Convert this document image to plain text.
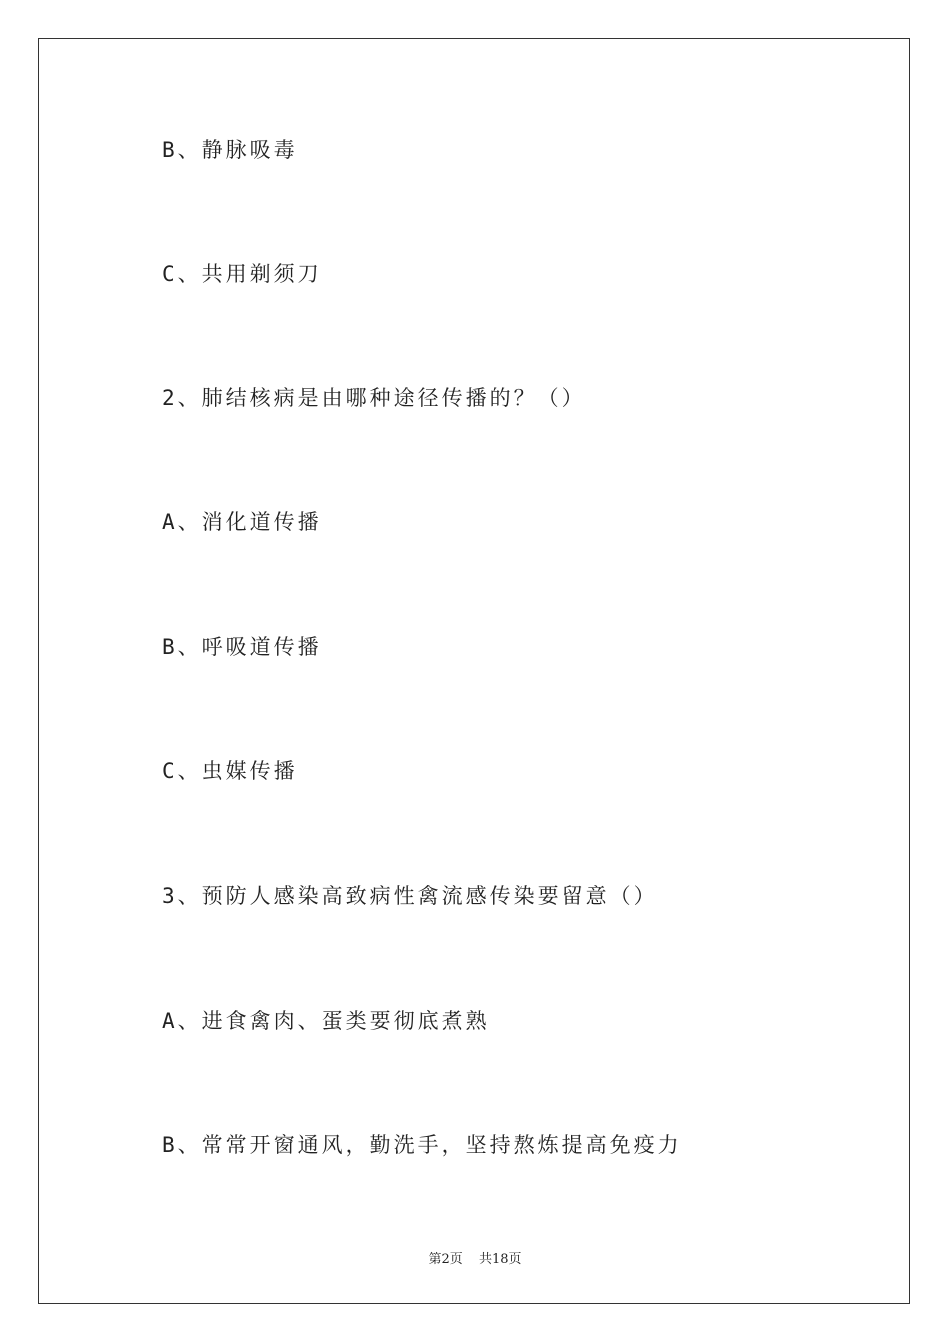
B、静脉吸毒
C、共用剃须刀
2、肺结核病是由哪种途径传播的？（）
A、消化道传播
B、呼吸道传播
C、虫媒传播
3、预防人感染高致病性禽流感传染要留意（）
A、进食禽肉、蛋类要彻底煮熟
B、常常开窗通风，勤洗手，坚持熬炼提高免疫力
第2页 共18页
